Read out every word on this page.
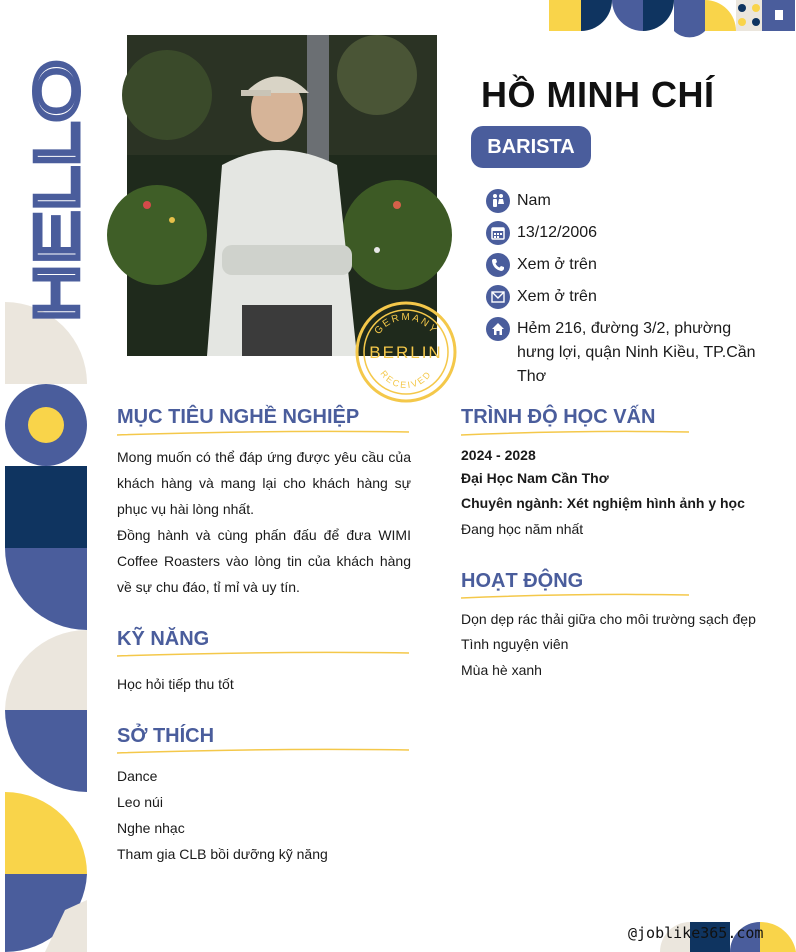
HELLO
GERMANY
BERLIN
RECEIVED
HỒ MINH CHÍ
BARISTA
Nam
13/12/2006
Xem ở trên
Xem ở trên
Hẻm 216, đường 3/2, phường hưng lợi, quận Ninh Kiều, TP.Cần Thơ
MỤC TIÊU NGHỀ NGHIỆP
Mong muốn có thể đáp ứng được yêu cầu của khách hàng và mang lại cho khách hàng sự phục vụ hài lòng nhất.
Đồng hành và cùng phấn đấu để đưa WIMI Coffee Roasters vào lòng tin của khách hàng về sự chu đáo, tỉ mỉ và uy tín.
KỸ NĂNG
Học hỏi tiếp thu tốt
SỞ THÍCH
Dance
Leo núi
Nghe nhạc
Tham gia CLB bồi dưỡng kỹ năng
TRÌNH ĐỘ HỌC VẤN
2024 - 2028
Đại Học Nam Cần Thơ
Chuyên ngành: Xét nghiệm hình ảnh y học
Đang học năm nhất
HOẠT ĐỘNG
Dọn dẹp rác thải giữa cho môi trường sạch đẹp
Tình nguyện viên
Mùa hè xanh
@joblike365.com
